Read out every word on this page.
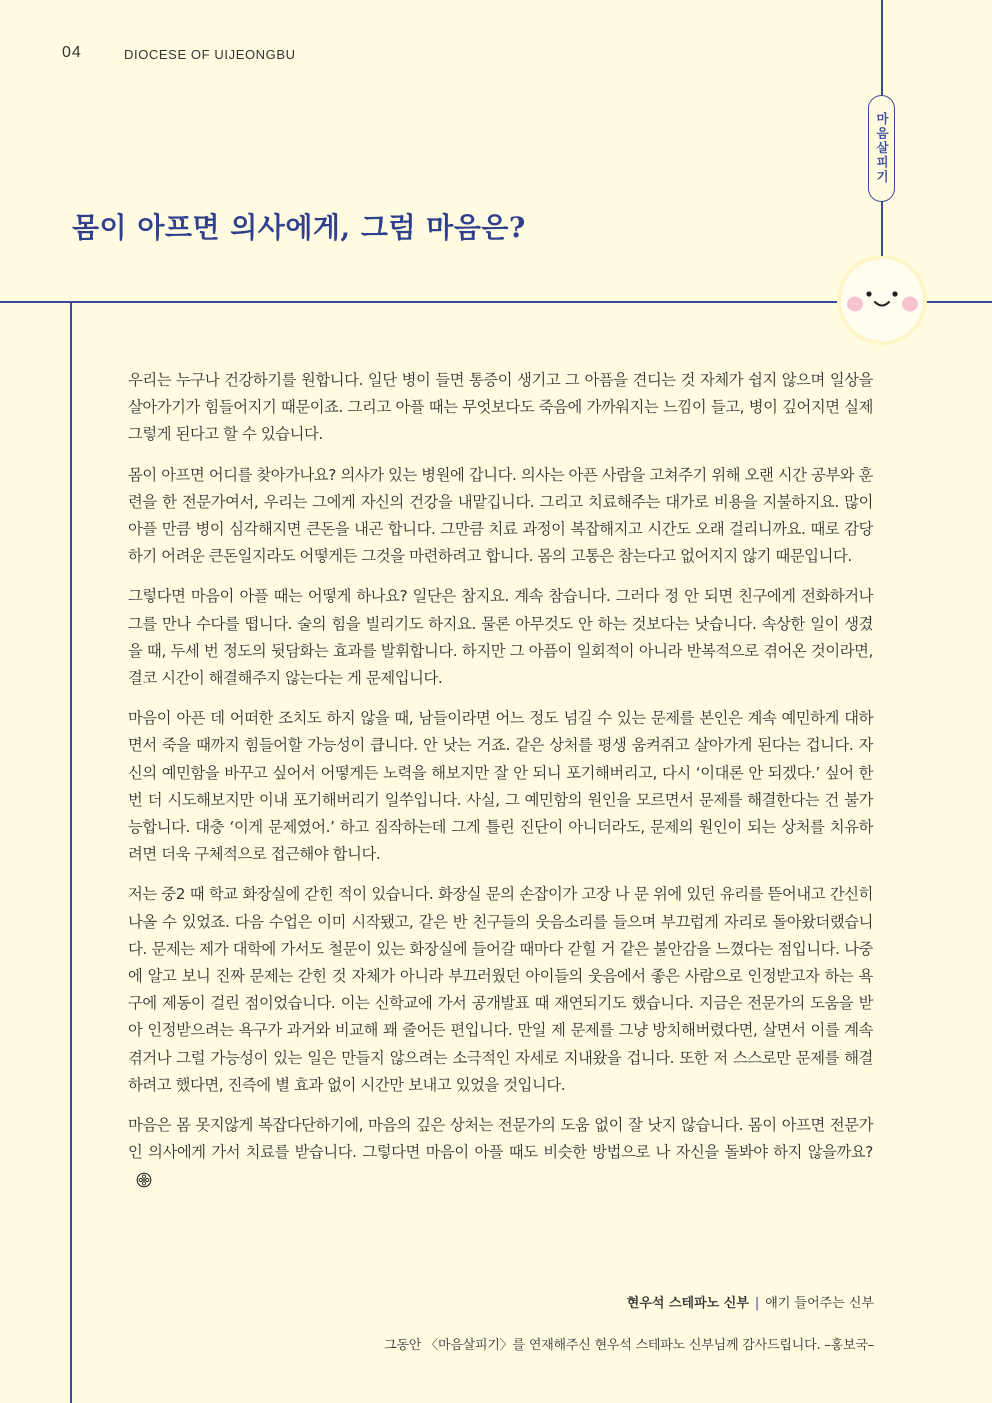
04	DIOCESE OF UIJEONGBU
마음살피기
몸이 아프면 의사에게, 그럼 마음은?

우리는 누구나 건강하기를 원합니다. 일단 병이 들면 통증이 생기고 그 아픔을 견디는 것 자체가 쉽지 않으며 일상을 살아가기가 힘들어지기 때문이죠. 그리고 아플 때는 무엇보다도 죽음에 가까워지는 느낌이 들고, 병이 깊어지면 실제 그렇게 된다고 할 수 있습니다.

몸이 아프면 어디를 찾아가나요? 의사가 있는 병원에 갑니다. 의사는 아픈 사람을 고쳐주기 위해 오랜 시간 공부와 훈련을 한 전문가여서, 우리는 그에게 자신의 건강을 내맡깁니다. 그리고 치료해주는 대가로 비용을 지불하지요. 많이 아플 만큼 병이 심각해지면 큰돈을 내곤 합니다. 그만큼 치료 과정이 복잡해지고 시간도 오래 걸리니까요. 때로 감당하기 어려운 큰돈일지라도 어떻게든 그것을 마련하려고 합니다. 몸의 고통은 참는다고 없어지지 않기 때문입니다.

그렇다면 마음이 아플 때는 어떻게 하나요? 일단은 참지요. 계속 참습니다. 그러다 정 안 되면 친구에게 전화하거나 그를 만나 수다를 떱니다. 술의 힘을 빌리기도 하지요. 물론 아무것도 안 하는 것보다는 낫습니다. 속상한 일이 생겼을 때, 두세 번 정도의 뒷담화는 효과를 발휘합니다. 하지만 그 아픔이 일회적이 아니라 반복적으로 겪어온 것이라면, 결코 시간이 해결해주지 않는다는 게 문제입니다.

마음이 아픈 데 어떠한 조치도 하지 않을 때, 남들이라면 어느 정도 넘길 수 있는 문제를 본인은 계속 예민하게 대하면서 죽을 때까지 힘들어할 가능성이 큽니다. 안 낫는 거죠. 같은 상처를 평생 움켜쥐고 살아가게 된다는 겁니다. 자신의 예민함을 바꾸고 싶어서 어떻게든 노력을 해보지만 잘 안 되니 포기해버리고, 다시 ‘이대론 안 되겠다.’ 싶어 한 번 더 시도해보지만 이내 포기해버리기 일쑤입니다. 사실, 그 예민함의 원인을 모르면서 문제를 해결한다는 건 불가능합니다. 대충 ‘이게 문제였어.’ 하고 짐작하는데 그게 틀린 진단이 아니더라도, 문제의 원인이 되는 상처를 치유하려면 더욱 구체적으로 접근해야 합니다.

저는 중2 때 학교 화장실에 갇힌 적이 있습니다. 화장실 문의 손잡이가 고장 나 문 위에 있던 유리를 뜯어내고 간신히 나올 수 있었죠. 다음 수업은 이미 시작됐고, 같은 반 친구들의 웃음소리를 들으며 부끄럽게 자리로 돌아왔더랬습니다. 문제는 제가 대학에 가서도 철문이 있는 화장실에 들어갈 때마다 갇힐 거 같은 불안감을 느꼈다는 점입니다. 나중에 알고 보니 진짜 문제는 갇힌 것 자체가 아니라 부끄러웠던 아이들의 웃음에서 좋은 사람으로 인정받고자 하는 욕구에 제동이 걸린 점이었습니다. 이는 신학교에 가서 공개발표 때 재연되기도 했습니다. 지금은 전문가의 도움을 받아 인정받으려는 욕구가 과거와 비교해 꽤 줄어든 편입니다. 만일 제 문제를 그냥 방치해버렸다면, 살면서 이를 계속 겪거나 그럴 가능성이 있는 일은 만들지 않으려는 소극적인 자세로 지내왔을 겁니다. 또한 저 스스로만 문제를 해결하려고 했다면, 진즉에 별 효과 없이 시간만 보내고 있었을 것입니다.

마음은 몸 못지않게 복잡다단하기에, 마음의 깊은 상처는 전문가의 도움 없이 잘 낫지 않습니다. 몸이 아프면 전문가인 의사에게 가서 치료를 받습니다. 그렇다면 마음이 아플 때도 비슷한 방법으로 나 자신을 돌봐야 하지 않을까요?

현우석 스테파노 신부 | 얘기 들어주는 신부
그동안 〈마음살피기〉를 연재해주신 현우석 스테파노 신부님께 감사드립니다. –홍보국–
